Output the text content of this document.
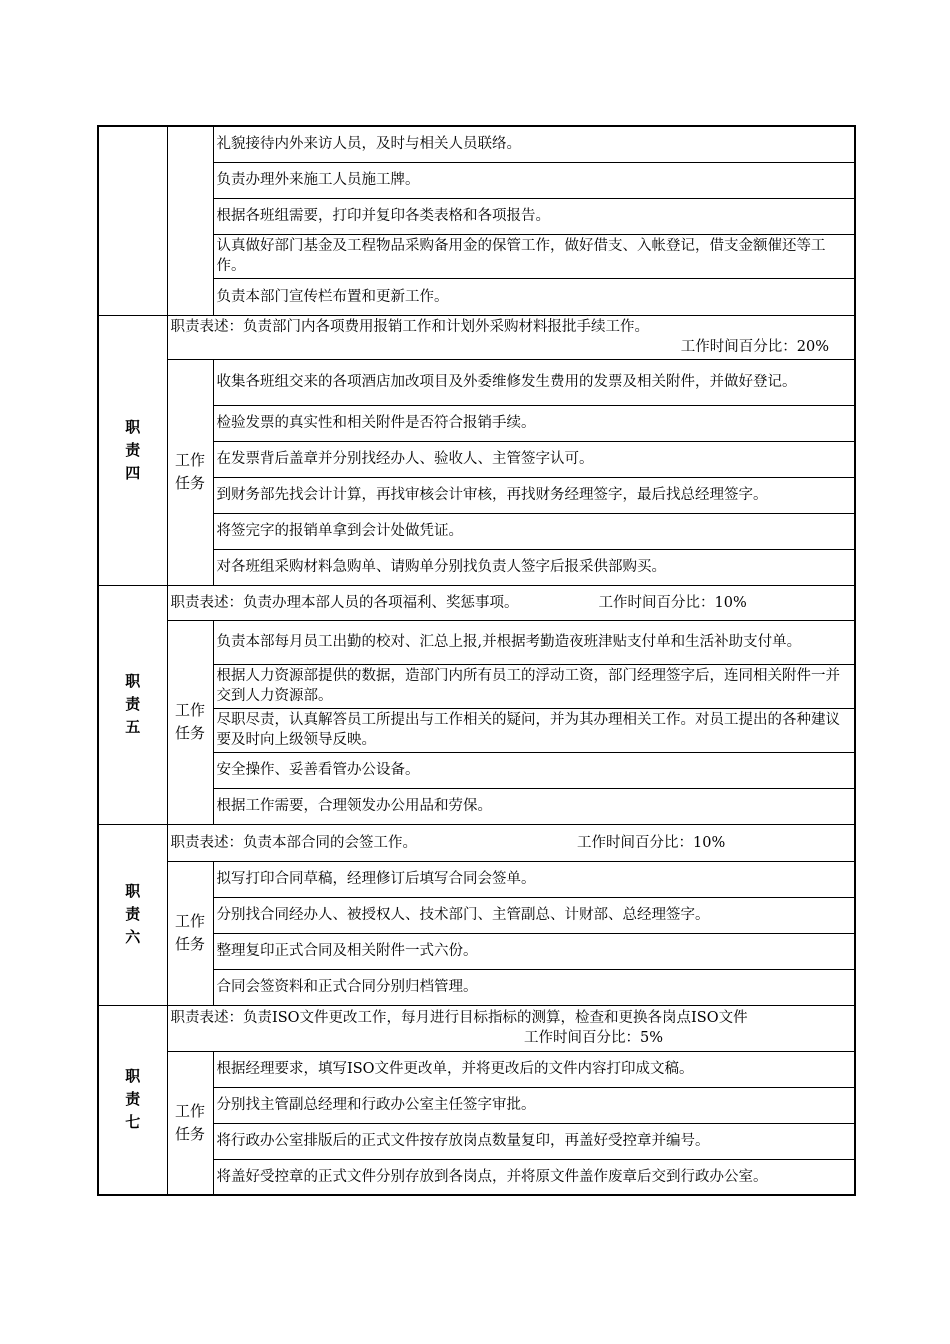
		礼貌接待内外来访人员，及时与相关人员联络。
		负责办理外来施工人员施工牌。
		根据各班组需要，打印并复印各类表格和各项报告。
		认真做好部门基金及工程物品采购备用金的保管工作，做好借支、入帐登记，借支金额催还等工作。
		负责本部门宣传栏布置和更新工作。
职
责
四	职责表述：负责部门内各项费用报销工作和计划外采购材料报批手续工作。
工作时间百分比：20%	

	工作
任务	收集各班组交来的各项酒店加改项目及外委维修发生费用的发票及相关附件，并做好登记。
		检验发票的真实性和相关附件是否符合报销手续。
		在发票背后盖章并分别找经办人、验收人、主管签字认可。
		到财务部先找会计计算，再找审核会计审核，再找财务经理签字，最后找总经理签字。
		将签完字的报销单拿到会计处做凭证。
		对各班组采购材料急购单、请购单分别找负责人签字后报采供部购买。
职
责
五	职责表述：负责办理本部人员的各项福利、奖惩事项。 工作时间百分比：10%	
	工作
任务	负责本部每月员工出勤的校对、汇总上报,并根据考勤造夜班津贴支付单和生活补助支付单。
		根据人力资源部提供的数据，造部门内所有员工的浮动工资，部门经理签字后，连同相关附件一并交到人力资源部。
		尽职尽责，认真解答员工所提出与工作相关的疑问，并为其办理相关工作。对员工提出的各种建议要及时向上级领导反映。
		安全操作、妥善看管办公设备。
		根据工作需要，合理领发办公用品和劳保。
职
责
六	职责表述：负责本部合同的会签工作。 工作时间百分比：10%	
	工作
任务	拟写打印合同草稿，经理修订后填写合同会签单。
		分别找合同经办人、被授权人、技术部门、主管副总、计财部、总经理签字。
		整理复印正式合同及相关附件一式六份。
		合同会签资料和正式合同分别归档管理。
职
责
七	职责表述：负责ISO文件更改工作，每月进行目标指标的测算，检查和更换各岗点ISO文件
工作时间百分比：5%	

	工作
任务	根据经理要求，填写ISO文件更改单，并将更改后的文件内容打印成文稿。
		分别找主管副总经理和行政办公室主任签字审批。
		将行政办公室排版后的正式文件按存放岗点数量复印，再盖好受控章并编号。
		将盖好受控章的正式文件分别存放到各岗点，并将原文件盖作废章后交到行政办公室。
